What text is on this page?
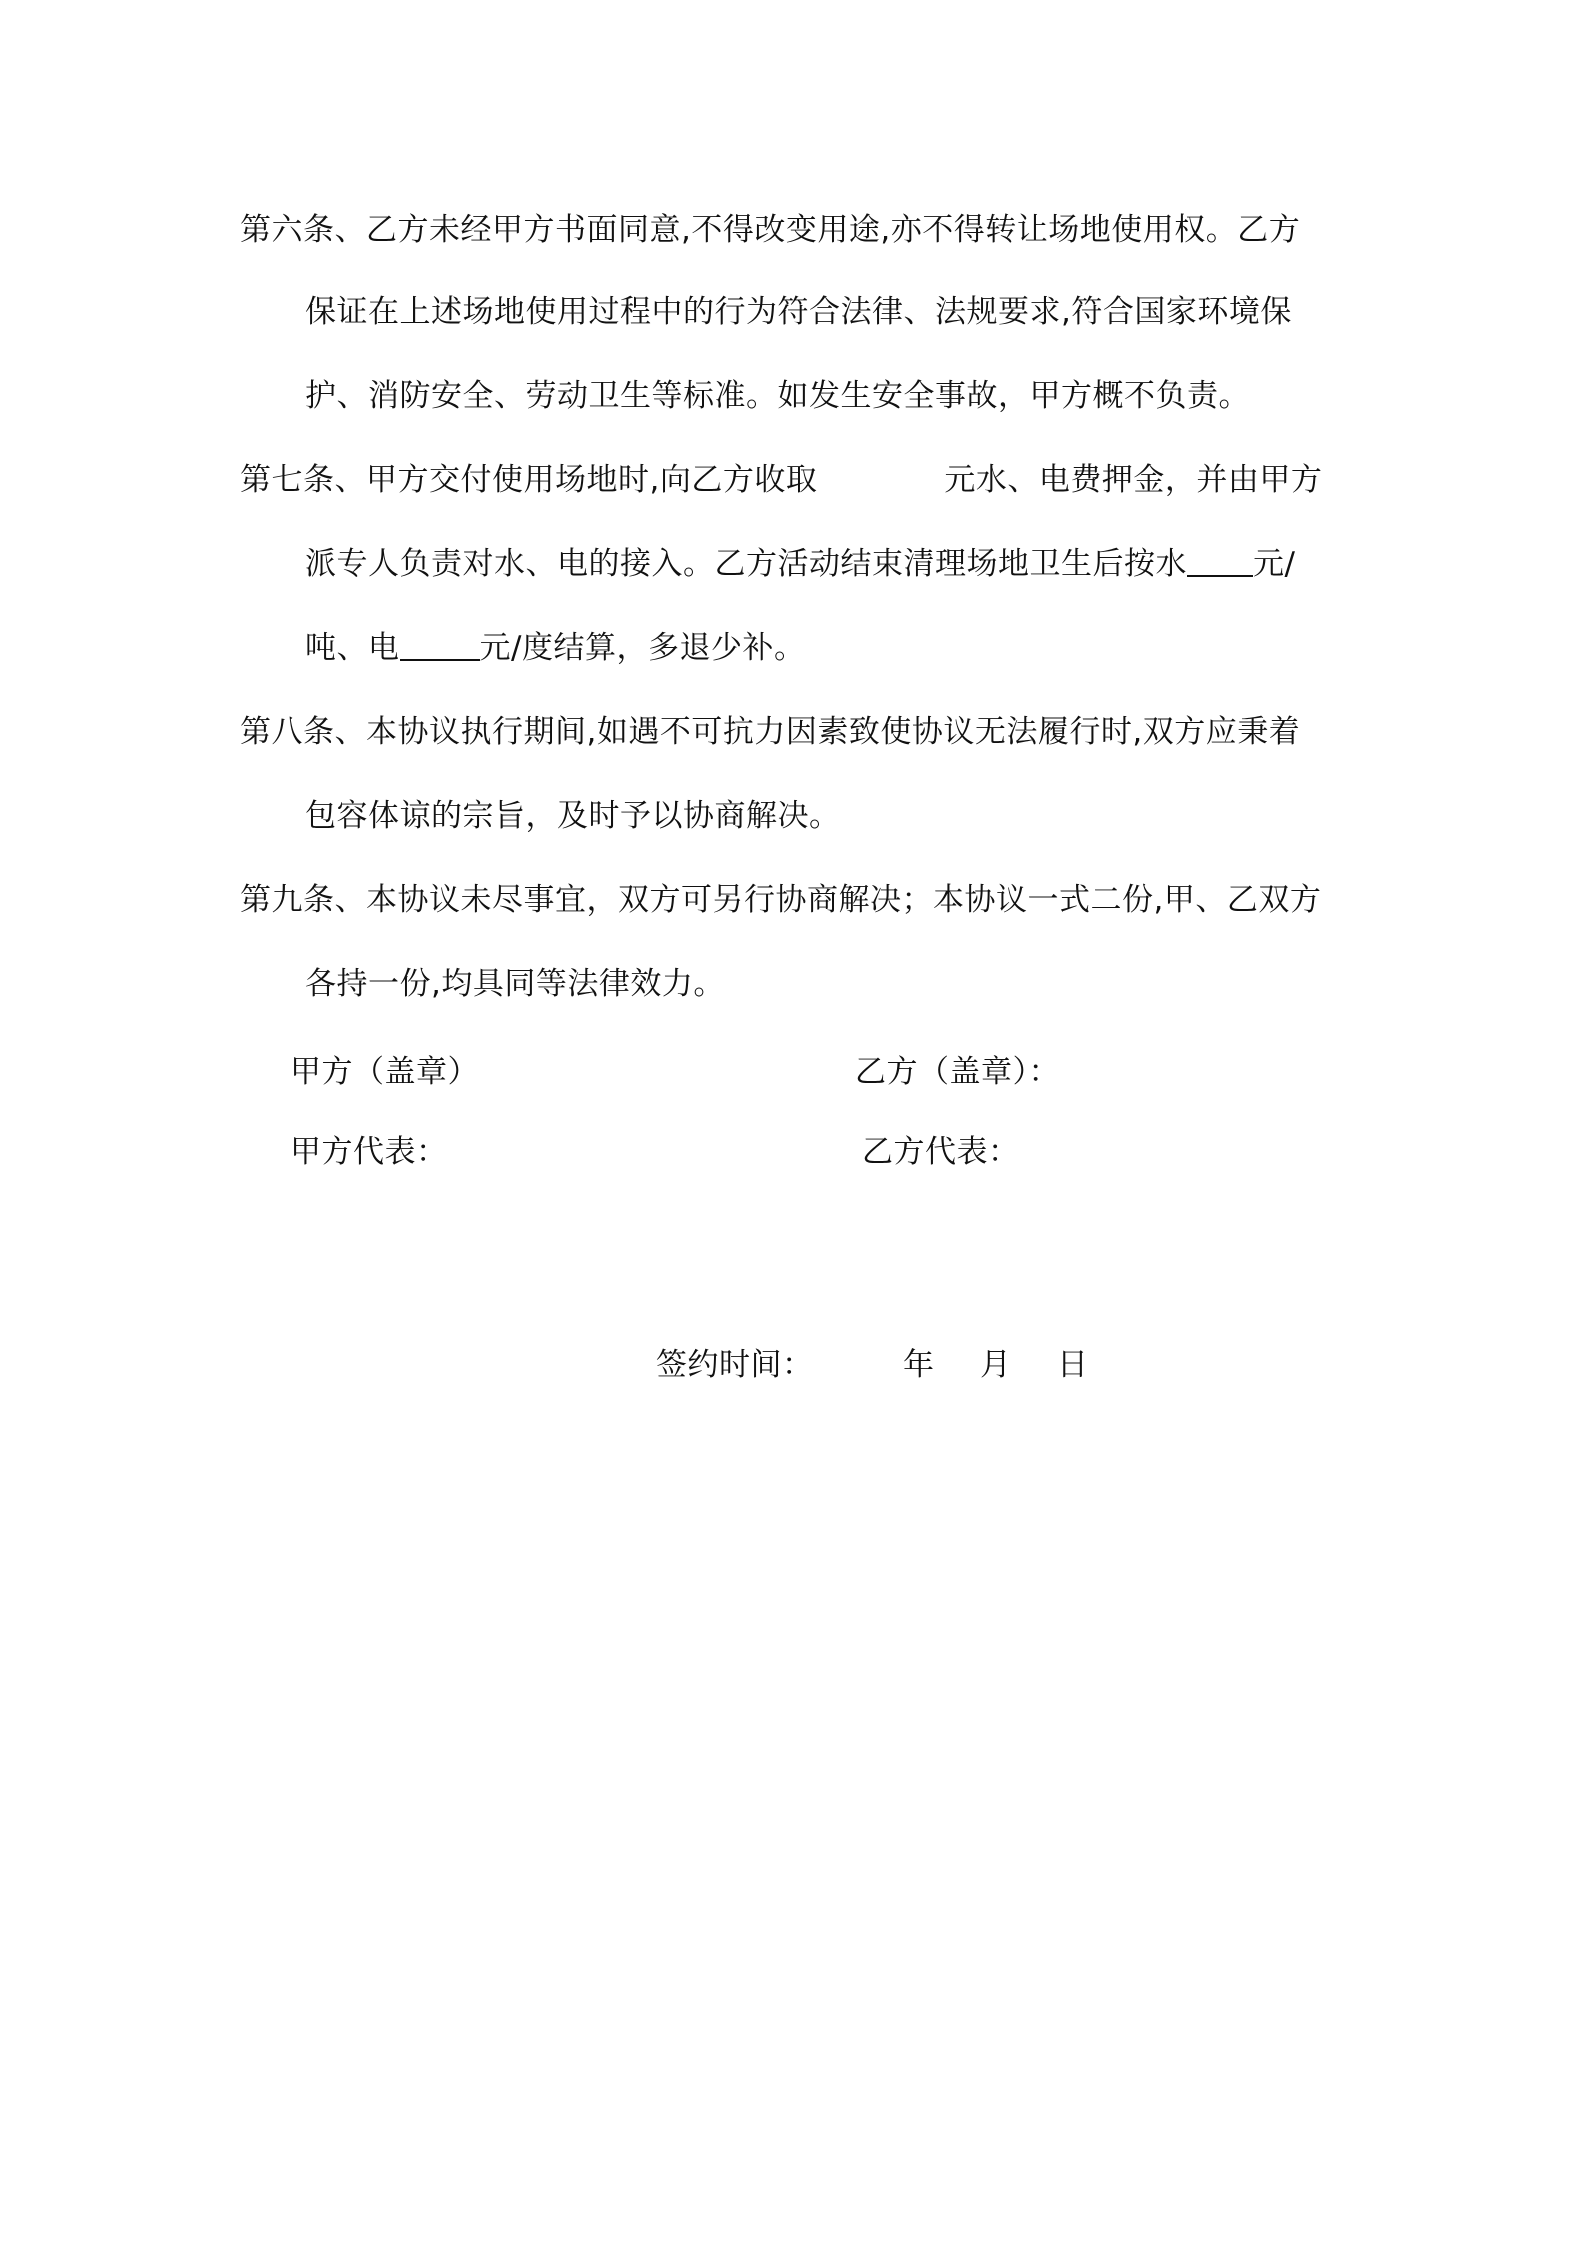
第六条、乙方未经甲方书面同意,不得改变用途,亦不得转让场地使用权。乙方
保证在上述场地使用过程中的行为符合法律、法规要求,符合国家环境保
护、消防安全、劳动卫生等标准。如发生安全事故，甲方概不负责。
第七条、甲方交付使用场地时,向乙方收取	元水、电费押金，并由甲方
派专人负责对水、电的接入。乙方活动结束清理场地卫生后按水 元/
吨、电	元/度结算，多退少补。
第八条、本协议执行期间,如遇不可抗力因素致使协议无法履行时,双方应秉着
包容体谅的宗旨，及时予以协商解决。
第九条、本协议未尽事宜，双方可另行协商解决；本协议一式二份,甲、乙双方
各持一份,均具同等法律效力。
甲方（盖章）	乙方（盖章）：
甲方代表：	乙方代表：
签约时间：	年 月 日
